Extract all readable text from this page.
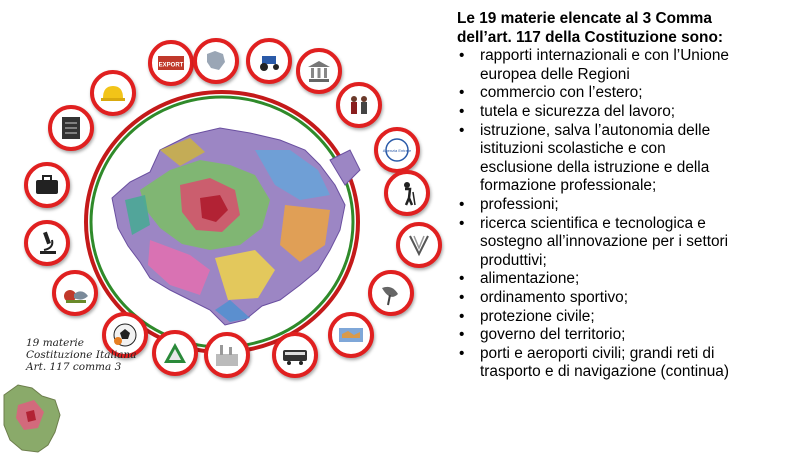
EXPORT
Agenzia Entrate
19 materie
Costituzione Italiana
Art. 117 comma 3
Le 19 materie elencate al 3 Comma
dell’art. 117 della Costituzione sono:
• rapporti internazionali e con l’Unione
europea delle Regioni
• commercio con l’estero;
• tutela e sicurezza del lavoro;
• istruzione, salva l’autonomia delle
istituzioni scolastiche e con
esclusione della istruzione e della
formazione professionale;
• professioni;
• ricerca scientifica e tecnologica e
sostegno all’innovazione per i settori
produttivi;
• alimentazione;
• ordinamento sportivo;
• protezione civile;
• governo del territorio;
• porti e aeroporti civili; grandi reti di
trasporto e di navigazione (continua)
